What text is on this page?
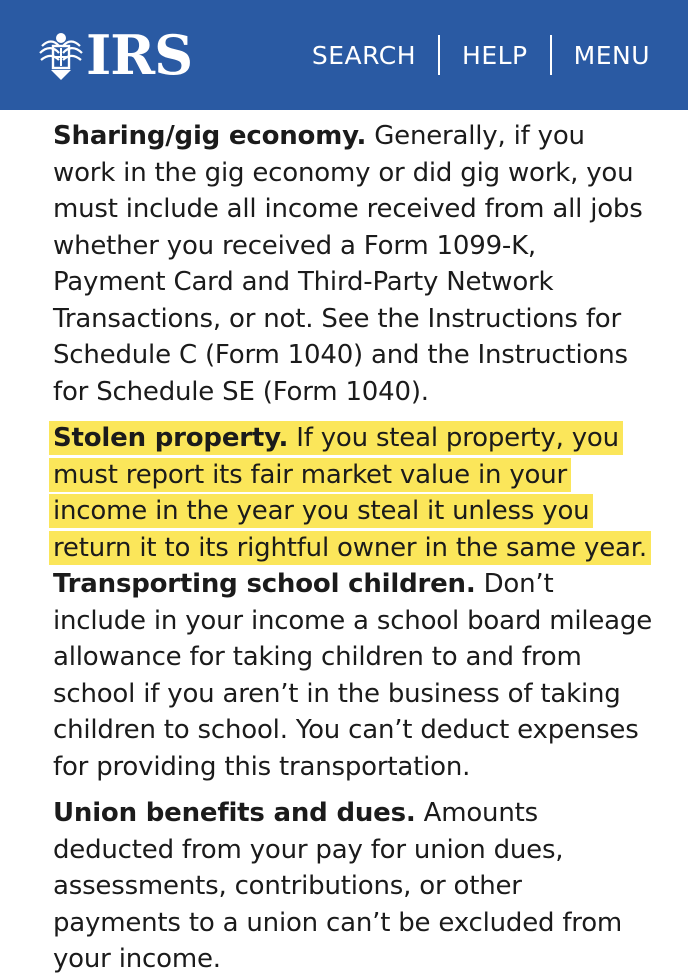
IRS	SEARCH HELP MENU

Sharing/gig economy. Generally, if you work in the gig economy or did gig work, you must include all income received from all jobs whether you received a Form 1099-K, Payment Card and Third-Party Network Transactions, or not. See the Instructions for Schedule C (Form 1040) and the Instructions for Schedule SE (Form 1040).

Stolen property. If you steal property, you must report its fair market value in your income in the year you steal it unless you return it to its rightful owner in the same year.

Transporting school children. Don’t include in your income a school board mileage allowance for taking children to and from school if you aren’t in the business of taking children to school. You can’t deduct expenses for providing this transportation.

Union benefits and dues. Amounts deducted from your pay for union dues, assessments, contributions, or other payments to a union can’t be excluded from your income.
